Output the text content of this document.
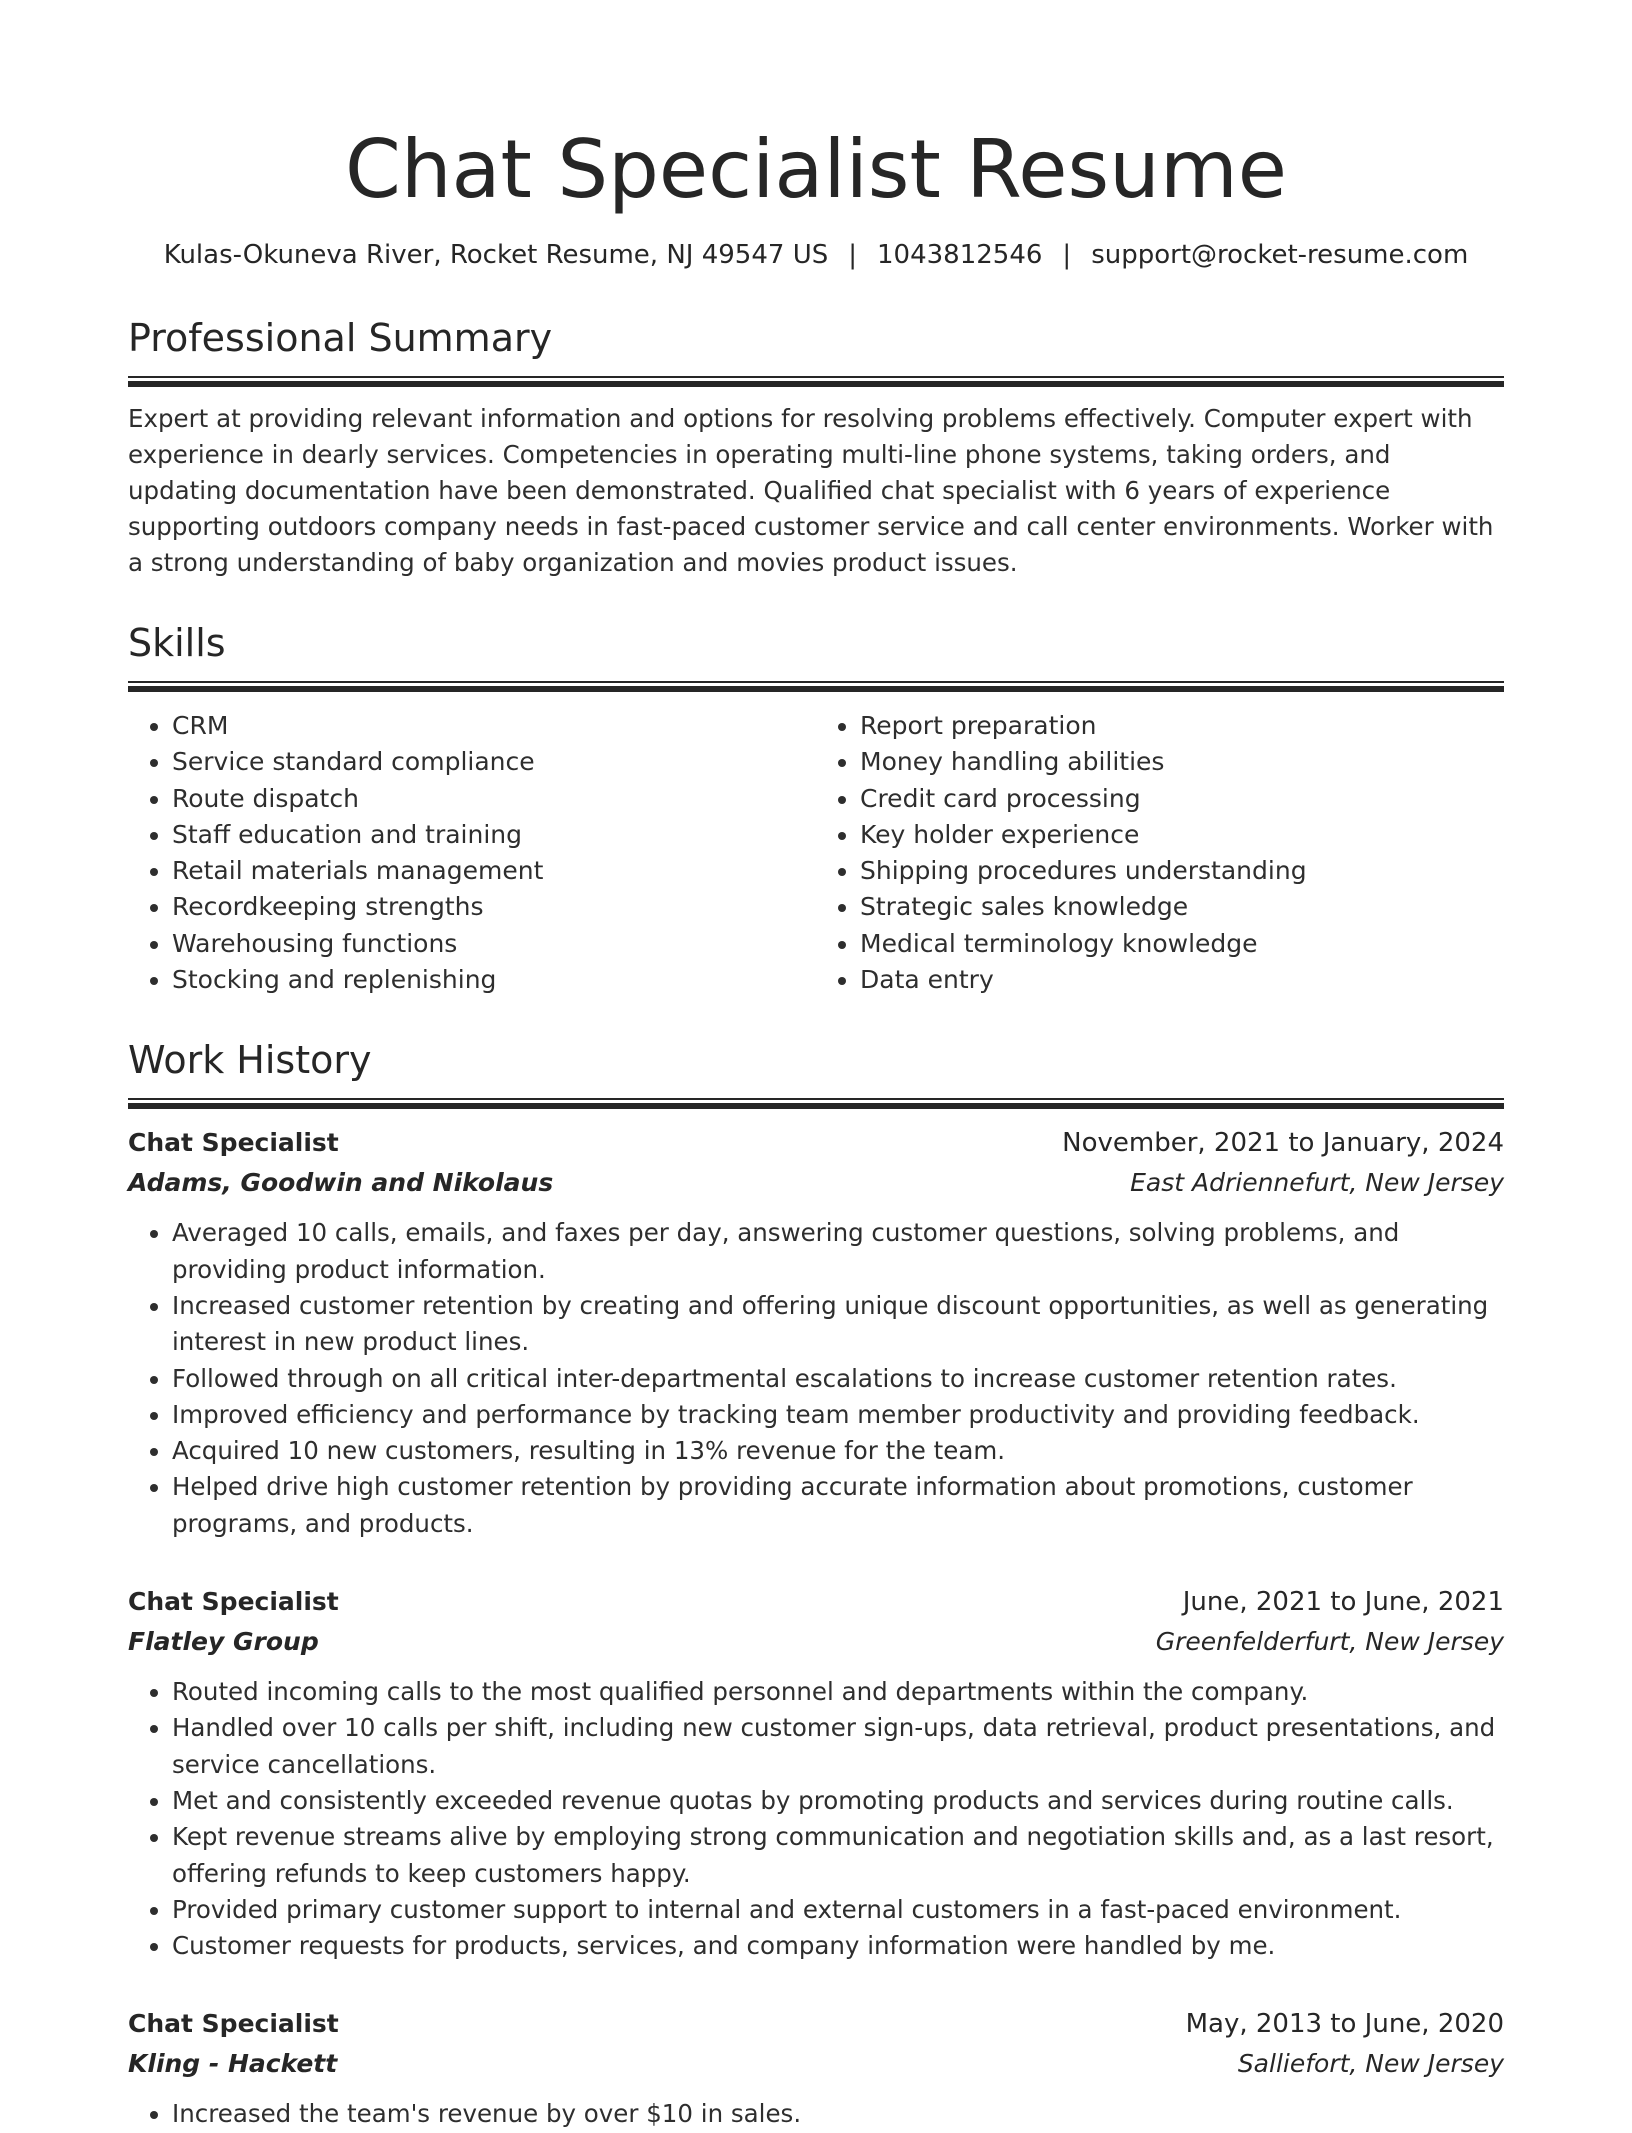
Chat Specialist Resume
Kulas-Okuneva River, Rocket Resume, NJ 49547 US | 1043812546 | support@rocket-resume.com
Professional Summary

Expert at providing relevant information and options for resolving problems effectively. Computer expert with experience in dearly services. Competencies in operating multi-line phone systems, taking orders, and updating documentation have been demonstrated. Qualified chat specialist with 6 years of experience supporting outdoors company needs in fast-paced customer service and call center environments. Worker with a strong understanding of baby organization and movies product issues.

Skills
• CRM
• Service standard compliance
• Route dispatch
• Staff education and training
• Retail materials management
• Recordkeeping strengths
• Warehousing functions
• Stocking and replenishing
• Report preparation
• Money handling abilities
• Credit card processing
• Key holder experience
• Shipping procedures understanding
• Strategic sales knowledge
• Medical terminology knowledge
• Data entry
Work History
Chat Specialist	November, 2021 to January, 2024
Adams, Goodwin and Nikolaus	East Adriennefurt, New Jersey
• Averaged 10 calls, emails, and faxes per day, answering customer questions, solving problems, and providing product information.
• Increased customer retention by creating and offering unique discount opportunities, as well as generating interest in new product lines.
• Followed through on all critical inter-departmental escalations to increase customer retention rates.
• Improved efficiency and performance by tracking team member productivity and providing feedback.
• Acquired 10 new customers, resulting in 13% revenue for the team.
• Helped drive high customer retention by providing accurate information about promotions, customer programs, and products.
Chat Specialist	June, 2021 to June, 2021
Flatley Group	Greenfelderfurt, New Jersey
• Routed incoming calls to the most qualified personnel and departments within the company.
• Handled over 10 calls per shift, including new customer sign-ups, data retrieval, product presentations, and service cancellations.
• Met and consistently exceeded revenue quotas by promoting products and services during routine calls.
• Kept revenue streams alive by employing strong communication and negotiation skills and, as a last resort, offering refunds to keep customers happy.
• Provided primary customer support to internal and external customers in a fast-paced environment.
• Customer requests for products, services, and company information were handled by me.
Chat Specialist	May, 2013 to June, 2020
Kling - Hackett	Salliefort, New Jersey
• Increased the team's revenue by over $10 in sales.
